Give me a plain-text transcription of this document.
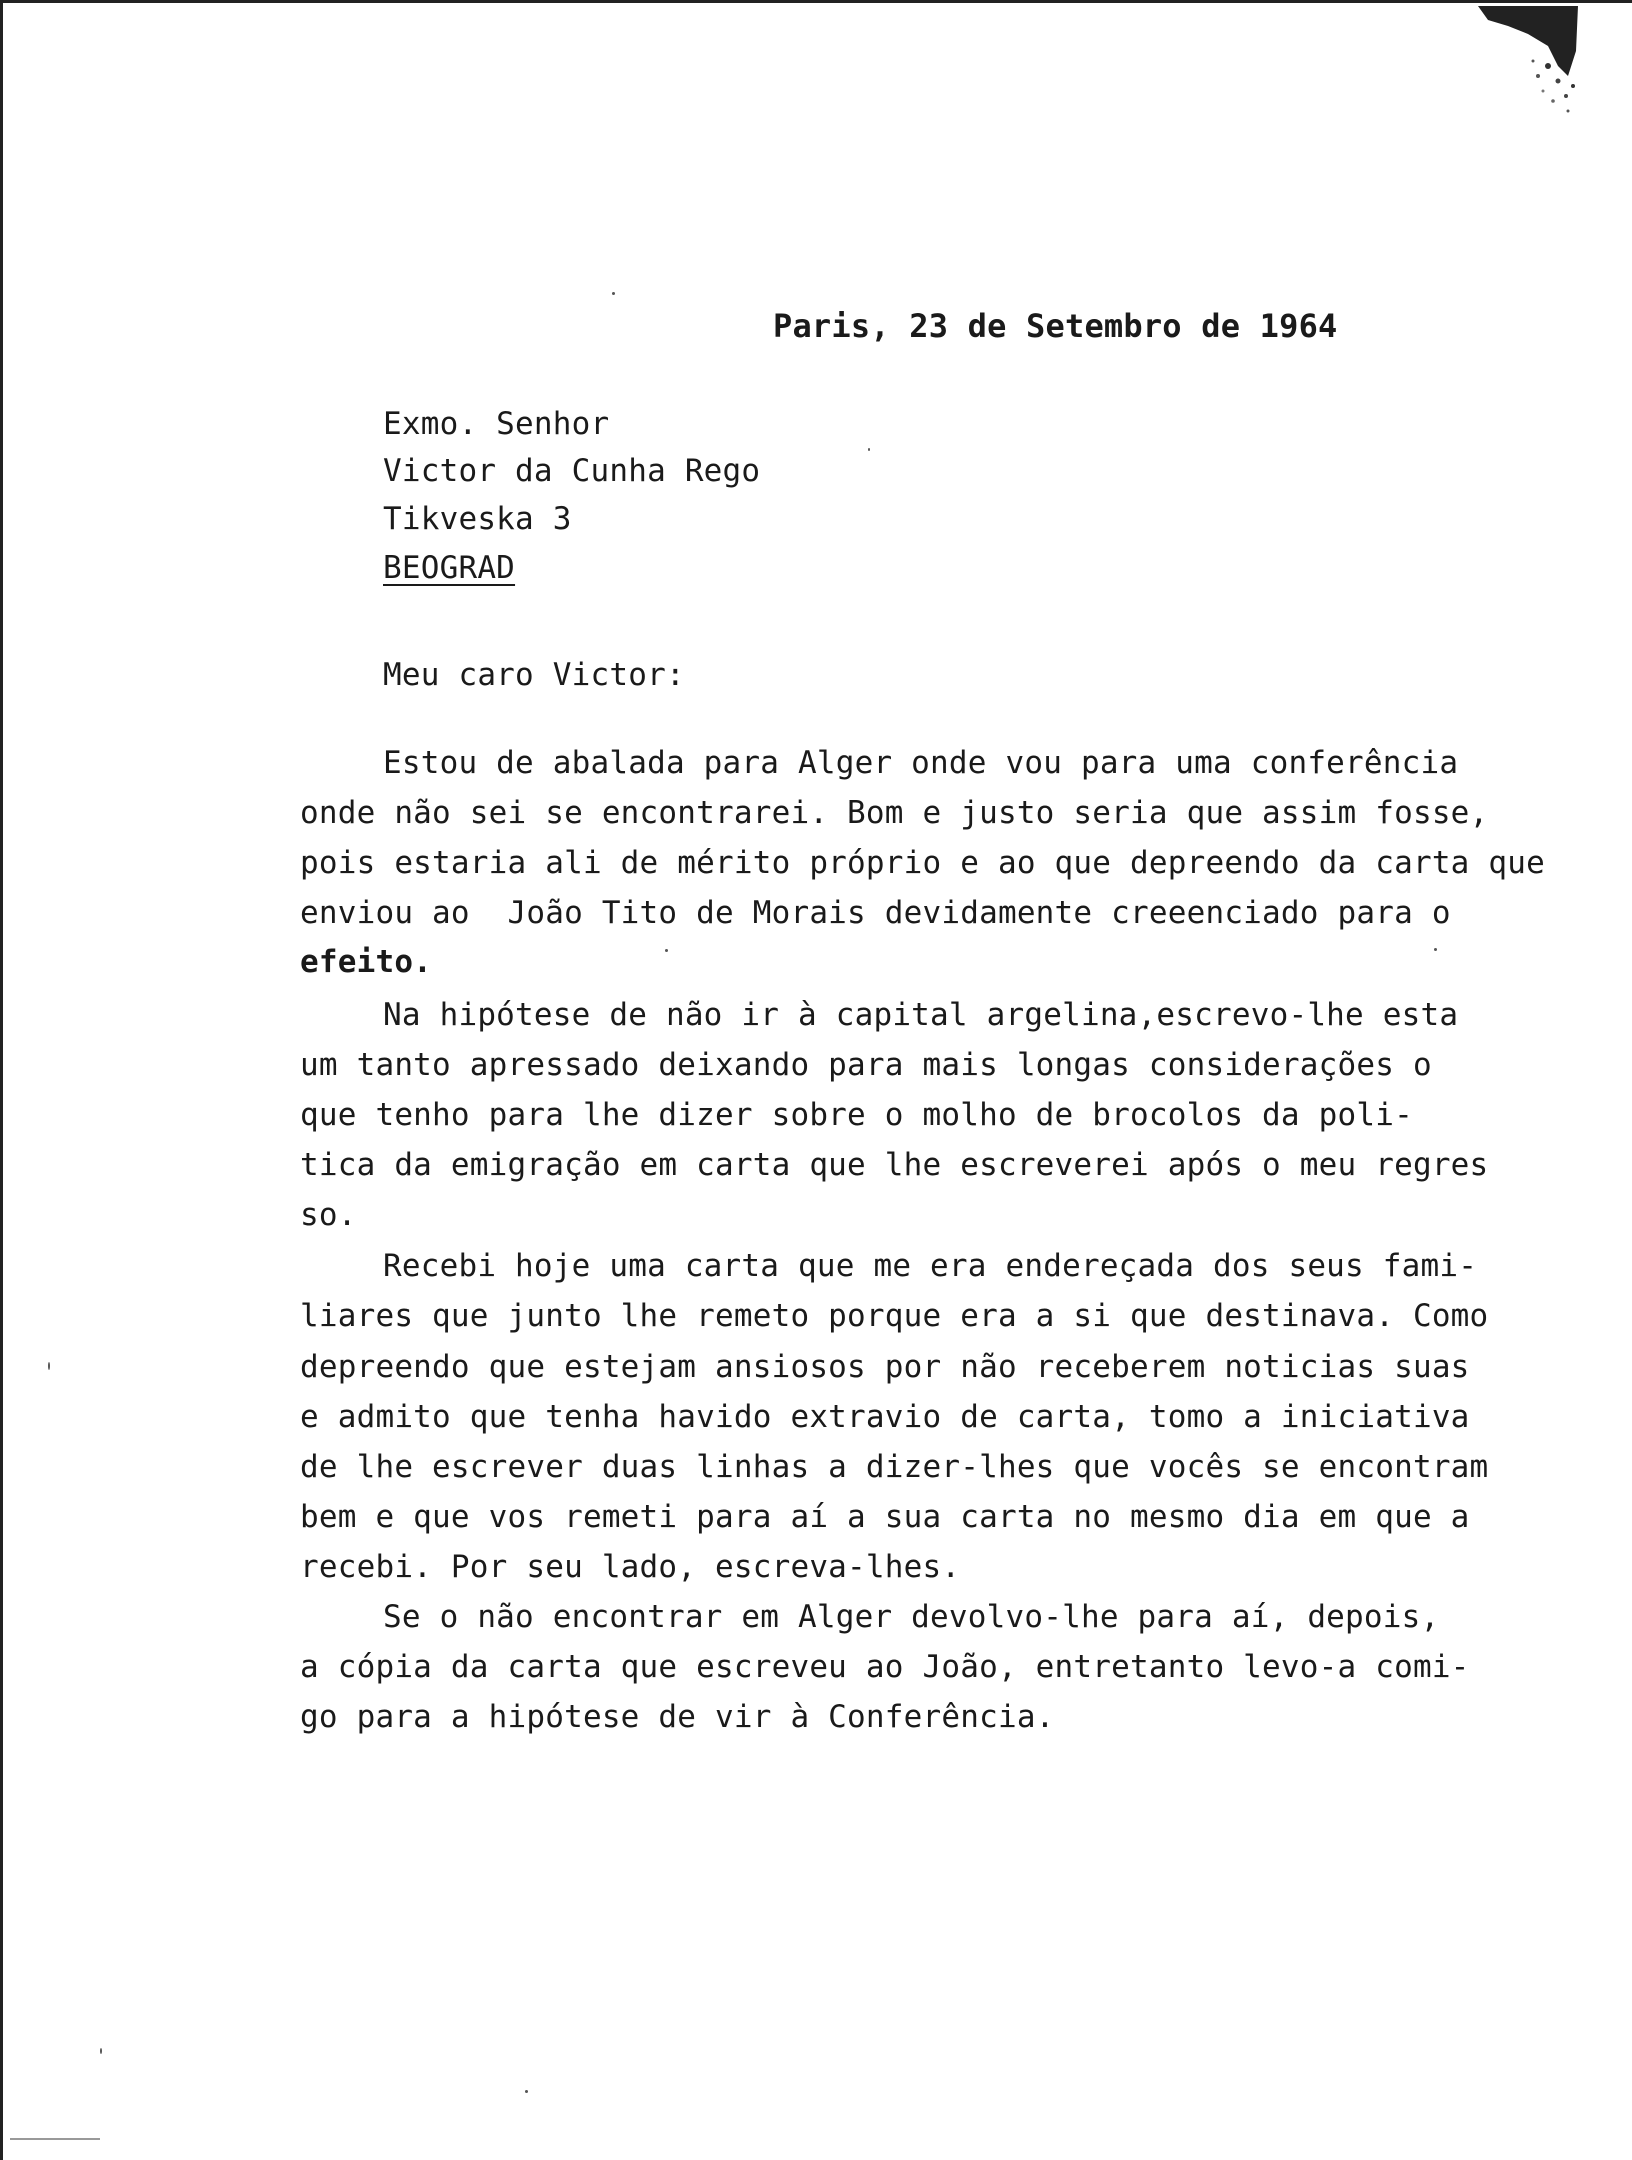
Paris, 23 de Setembro de 1964
Exmo. Senhor
Victor da Cunha Rego
Tikveska 3
BEOGRAD
Meu caro Victor:
Estou de abalada para Alger onde vou para uma conferência
onde não sei se encontrarei. Bom e justo seria que assim fosse,
pois estaria ali de mérito próprio e ao que depreendo da carta que
enviou ao  João Tito de Morais devidamente creeenciado para o
efeito.
Na hipótese de não ir à capital argelina,escrevo-lhe esta
um tanto apressado deixando para mais longas considerações o
que tenho para lhe dizer sobre o molho de brocolos da poli-
tica da emigração em carta que lhe escreverei após o meu regres
so.
Recebi hoje uma carta que me era endereçada dos seus fami-
liares que junto lhe remeto porque era a si que destinava. Como
depreendo que estejam ansiosos por não receberem noticias suas
e admito que tenha havido extravio de carta, tomo a iniciativa
de lhe escrever duas linhas a dizer-lhes que vocês se encontram
bem e que vos remeti para aí a sua carta no mesmo dia em que a
recebi. Por seu lado, escreva-lhes.
Se o não encontrar em Alger devolvo-lhe para aí, depois,
a cópia da carta que escreveu ao João, entretanto levo-a comi-
go para a hipótese de vir à Conferência.
